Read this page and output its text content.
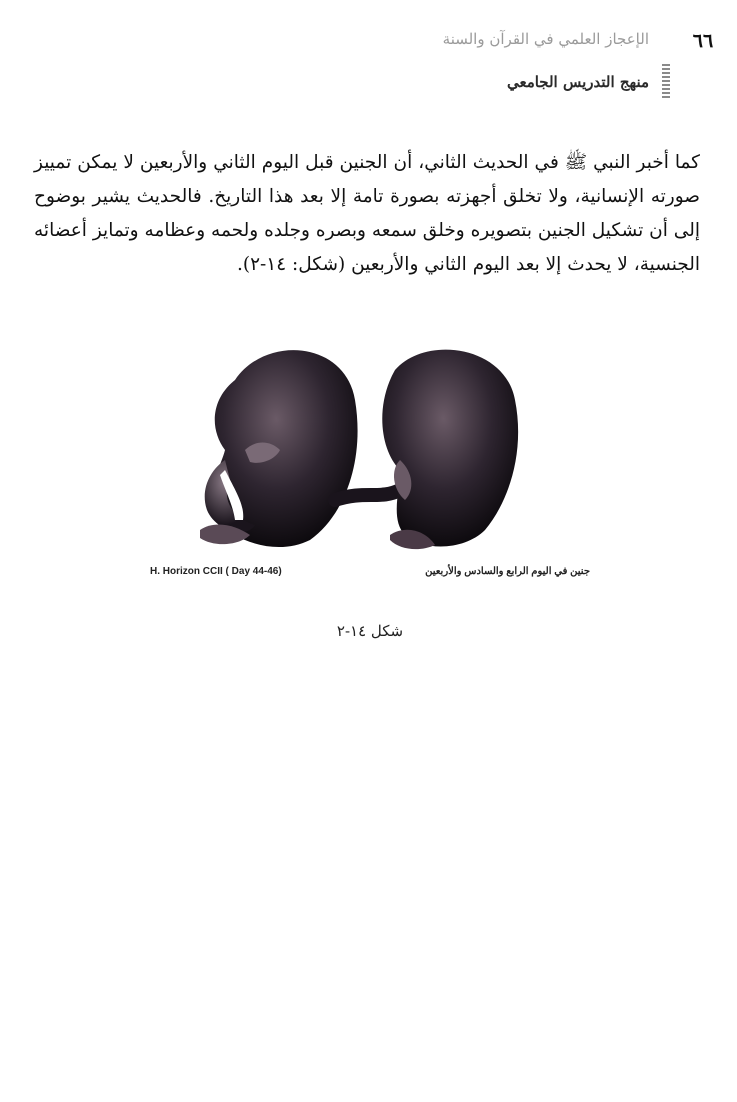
٦٦
الإعجاز العلمي في القرآن والسنة
منهج التدريس الجامعي

كما أخبر النبي ﷺ في الحديث الثاني، أن الجنين قبل اليوم الثاني والأربعين لا يمكن تمييز صورته الإنسانية، ولا تخلق أجهزته بصورة تامة إلا بعد هذا التاريخ. فالحديث يشير بوضوح إلى أن تشكيل الجنين بتصويره وخلق سمعه وبصره وجلده ولحمه وعظامه وتمايز أعضائه الجنسية، لا يحدث إلا بعد اليوم الثاني والأربعين (شكل: ١٤-٢).

H. Horizon CCII ( Day 44-46)	جنين في اليوم الرابع والسادس والأربعين
شكل ١٤-٢
